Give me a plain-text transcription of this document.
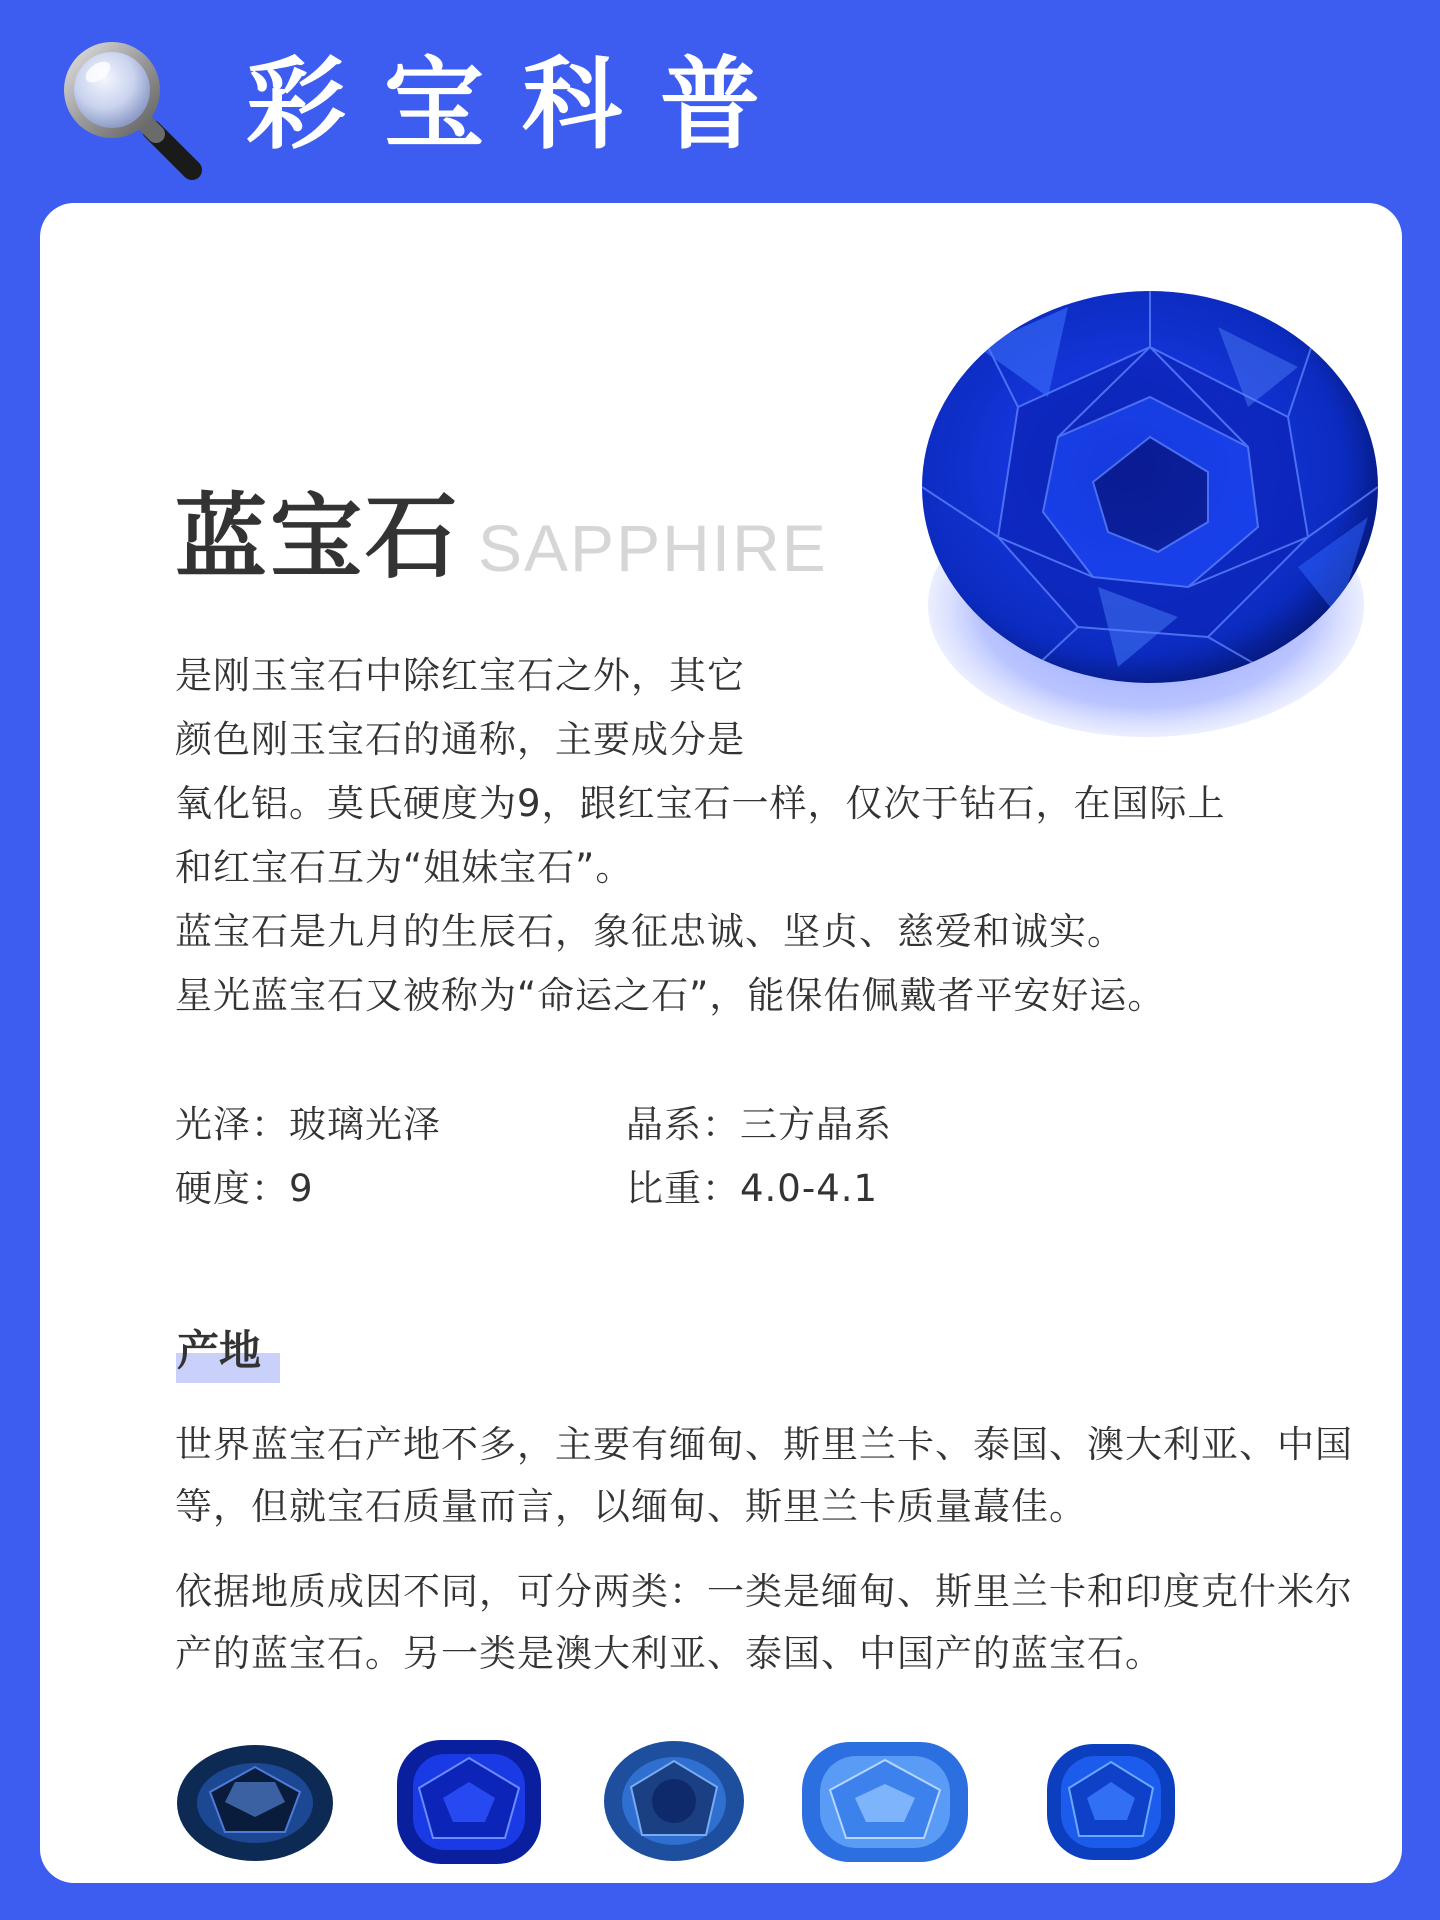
彩宝科普
蓝宝石 SAPPHIRE
是刚玉宝石中除红宝石之外，其它
颜色刚玉宝石的通称，主要成分是
氧化铝。莫氏硬度为9，跟红宝石一样，仅次于钻石，在国际上
和红宝石互为“姐妹宝石”。
蓝宝石是九月的生辰石，象征忠诚、坚贞、慈爱和诚实。
星光蓝宝石又被称为“命运之石”，能保佑佩戴者平安好运。
光泽：玻璃光泽	晶系：三方晶系
硬度：9	比重：4.0-4.1
产地
世界蓝宝石产地不多，主要有缅甸、斯里兰卡、泰国、澳大利亚、中国
等，但就宝石质量而言，以缅甸、斯里兰卡质量蕞佳。
依据地质成因不同，可分两类：一类是缅甸、斯里兰卡和印度克什米尔
产的蓝宝石。另一类是澳大利亚、泰国、中国产的蓝宝石。
